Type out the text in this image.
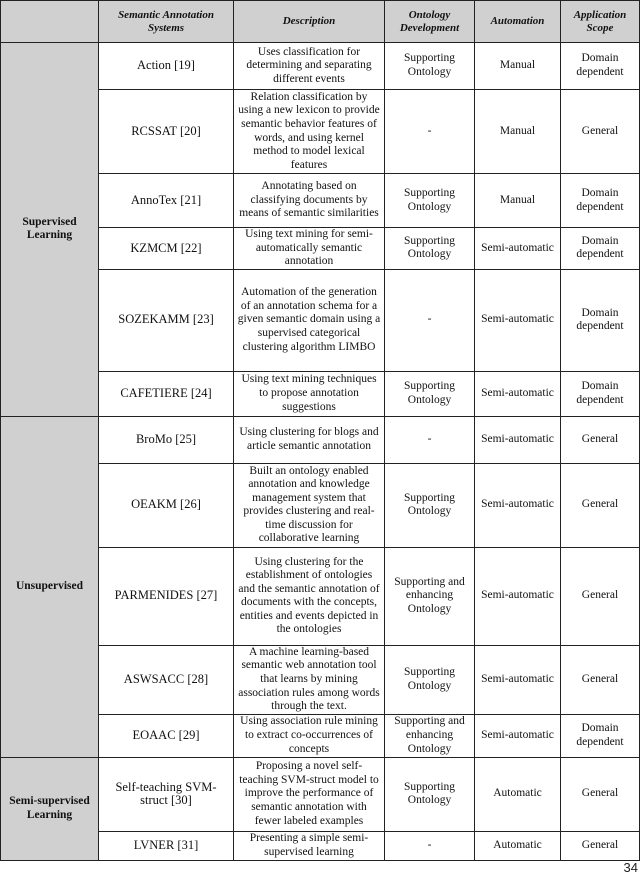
	Semantic Annotation Systems	Description	Ontology Development	Automation	Application Scope
Supervised Learning	Action [19]	Uses classification for determining and separating different events	Supporting Ontology	Manual	Domain dependent
	RCSSAT [20]	Relation classification by using a new lexicon to provide semantic behavior features of words, and using kernel method to model lexical features	-	Manual	General
	AnnoTex [21]	Annotating based on classifying documents by means of semantic similarities	Supporting Ontology	Manual	Domain dependent
	KZMCM [22]	Using text mining for semi-automatically semantic annotation	Supporting Ontology	Semi-automatic	Domain dependent
	SOZEKAMM [23]	Automation of the generation of an annotation schema for a given semantic domain using a supervised categorical clustering algorithm LIMBO	-	Semi-automatic	Domain dependent
	CAFETIERE [24]	Using text mining techniques to propose annotation suggestions	Supporting Ontology	Semi-automatic	Domain dependent
Unsupervised	BroMo [25]	Using clustering for blogs and article semantic annotation	-	Semi-automatic	General
	OEAKM [26]	Built an ontology enabled annotation and knowledge management system that provides clustering and real-time discussion for collaborative learning	Supporting Ontology	Semi-automatic	General
	PARMENIDES [27]	Using clustering for the establishment of ontologies and the semantic annotation of documents with the concepts, entities and events depicted in the ontologies	Supporting and enhancing Ontology	Semi-automatic	General
	ASWSACC [28]	A machine learning-based semantic web annotation tool that learns by mining association rules among words through the text.	Supporting Ontology	Semi-automatic	General
	EOAAC [29]	Using association rule mining to extract co-occurrences of concepts	Supporting and enhancing Ontology	Semi-automatic	Domain dependent
Semi-supervised Learning	Self-teaching SVM-struct [30]	Proposing a novel self-teaching SVM-struct model to improve the performance of semantic annotation with fewer labeled examples	Supporting Ontology	Automatic	General
	LVNER [31]	Presenting a simple semi-supervised learning	-	Automatic	General
34
